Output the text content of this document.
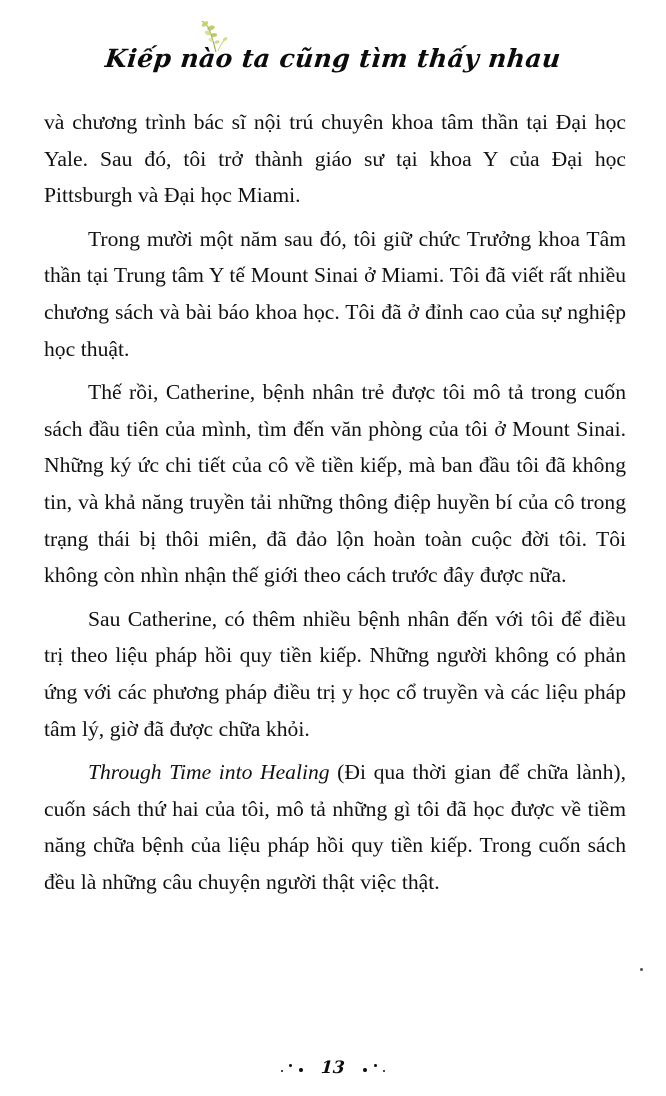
Kiếp nào ta cũng tìm thấy nhau

và chương trình bác sĩ nội trú chuyên khoa tâm thần tại Đại học Yale. Sau đó, tôi trở thành giáo sư tại khoa Y của Đại học Pittsburgh và Đại học Miami.

Trong mười một năm sau đó, tôi giữ chức Trưởng khoa Tâm thần tại Trung tâm Y tế Mount Sinai ở Miami. Tôi đã viết rất nhiều chương sách và bài báo khoa học. Tôi đã ở đỉnh cao của sự nghiệp học thuật.

Thế rồi, Catherine, bệnh nhân trẻ được tôi mô tả trong cuốn sách đầu tiên của mình, tìm đến văn phòng của tôi ở Mount Sinai. Những ký ức chi tiết của cô về tiền kiếp, mà ban đầu tôi đã không tin, và khả năng truyền tải những thông điệp huyền bí của cô trong trạng thái bị thôi miên, đã đảo lộn hoàn toàn cuộc đời tôi. Tôi không còn nhìn nhận thế giới theo cách trước đây được nữa.

Sau Catherine, có thêm nhiều bệnh nhân đến với tôi để điều trị theo liệu pháp hồi quy tiền kiếp. Những người không có phản ứng với các phương pháp điều trị y học cổ truyền và các liệu pháp tâm lý, giờ đã được chữa khỏi.

Through Time into Healing (Đi qua thời gian để chữa lành), cuốn sách thứ hai của tôi, mô tả những gì tôi đã học được về tiềm năng chữa bệnh của liệu pháp hồi quy tiền kiếp. Trong cuốn sách đều là những câu chuyện người thật việc thật.

13
